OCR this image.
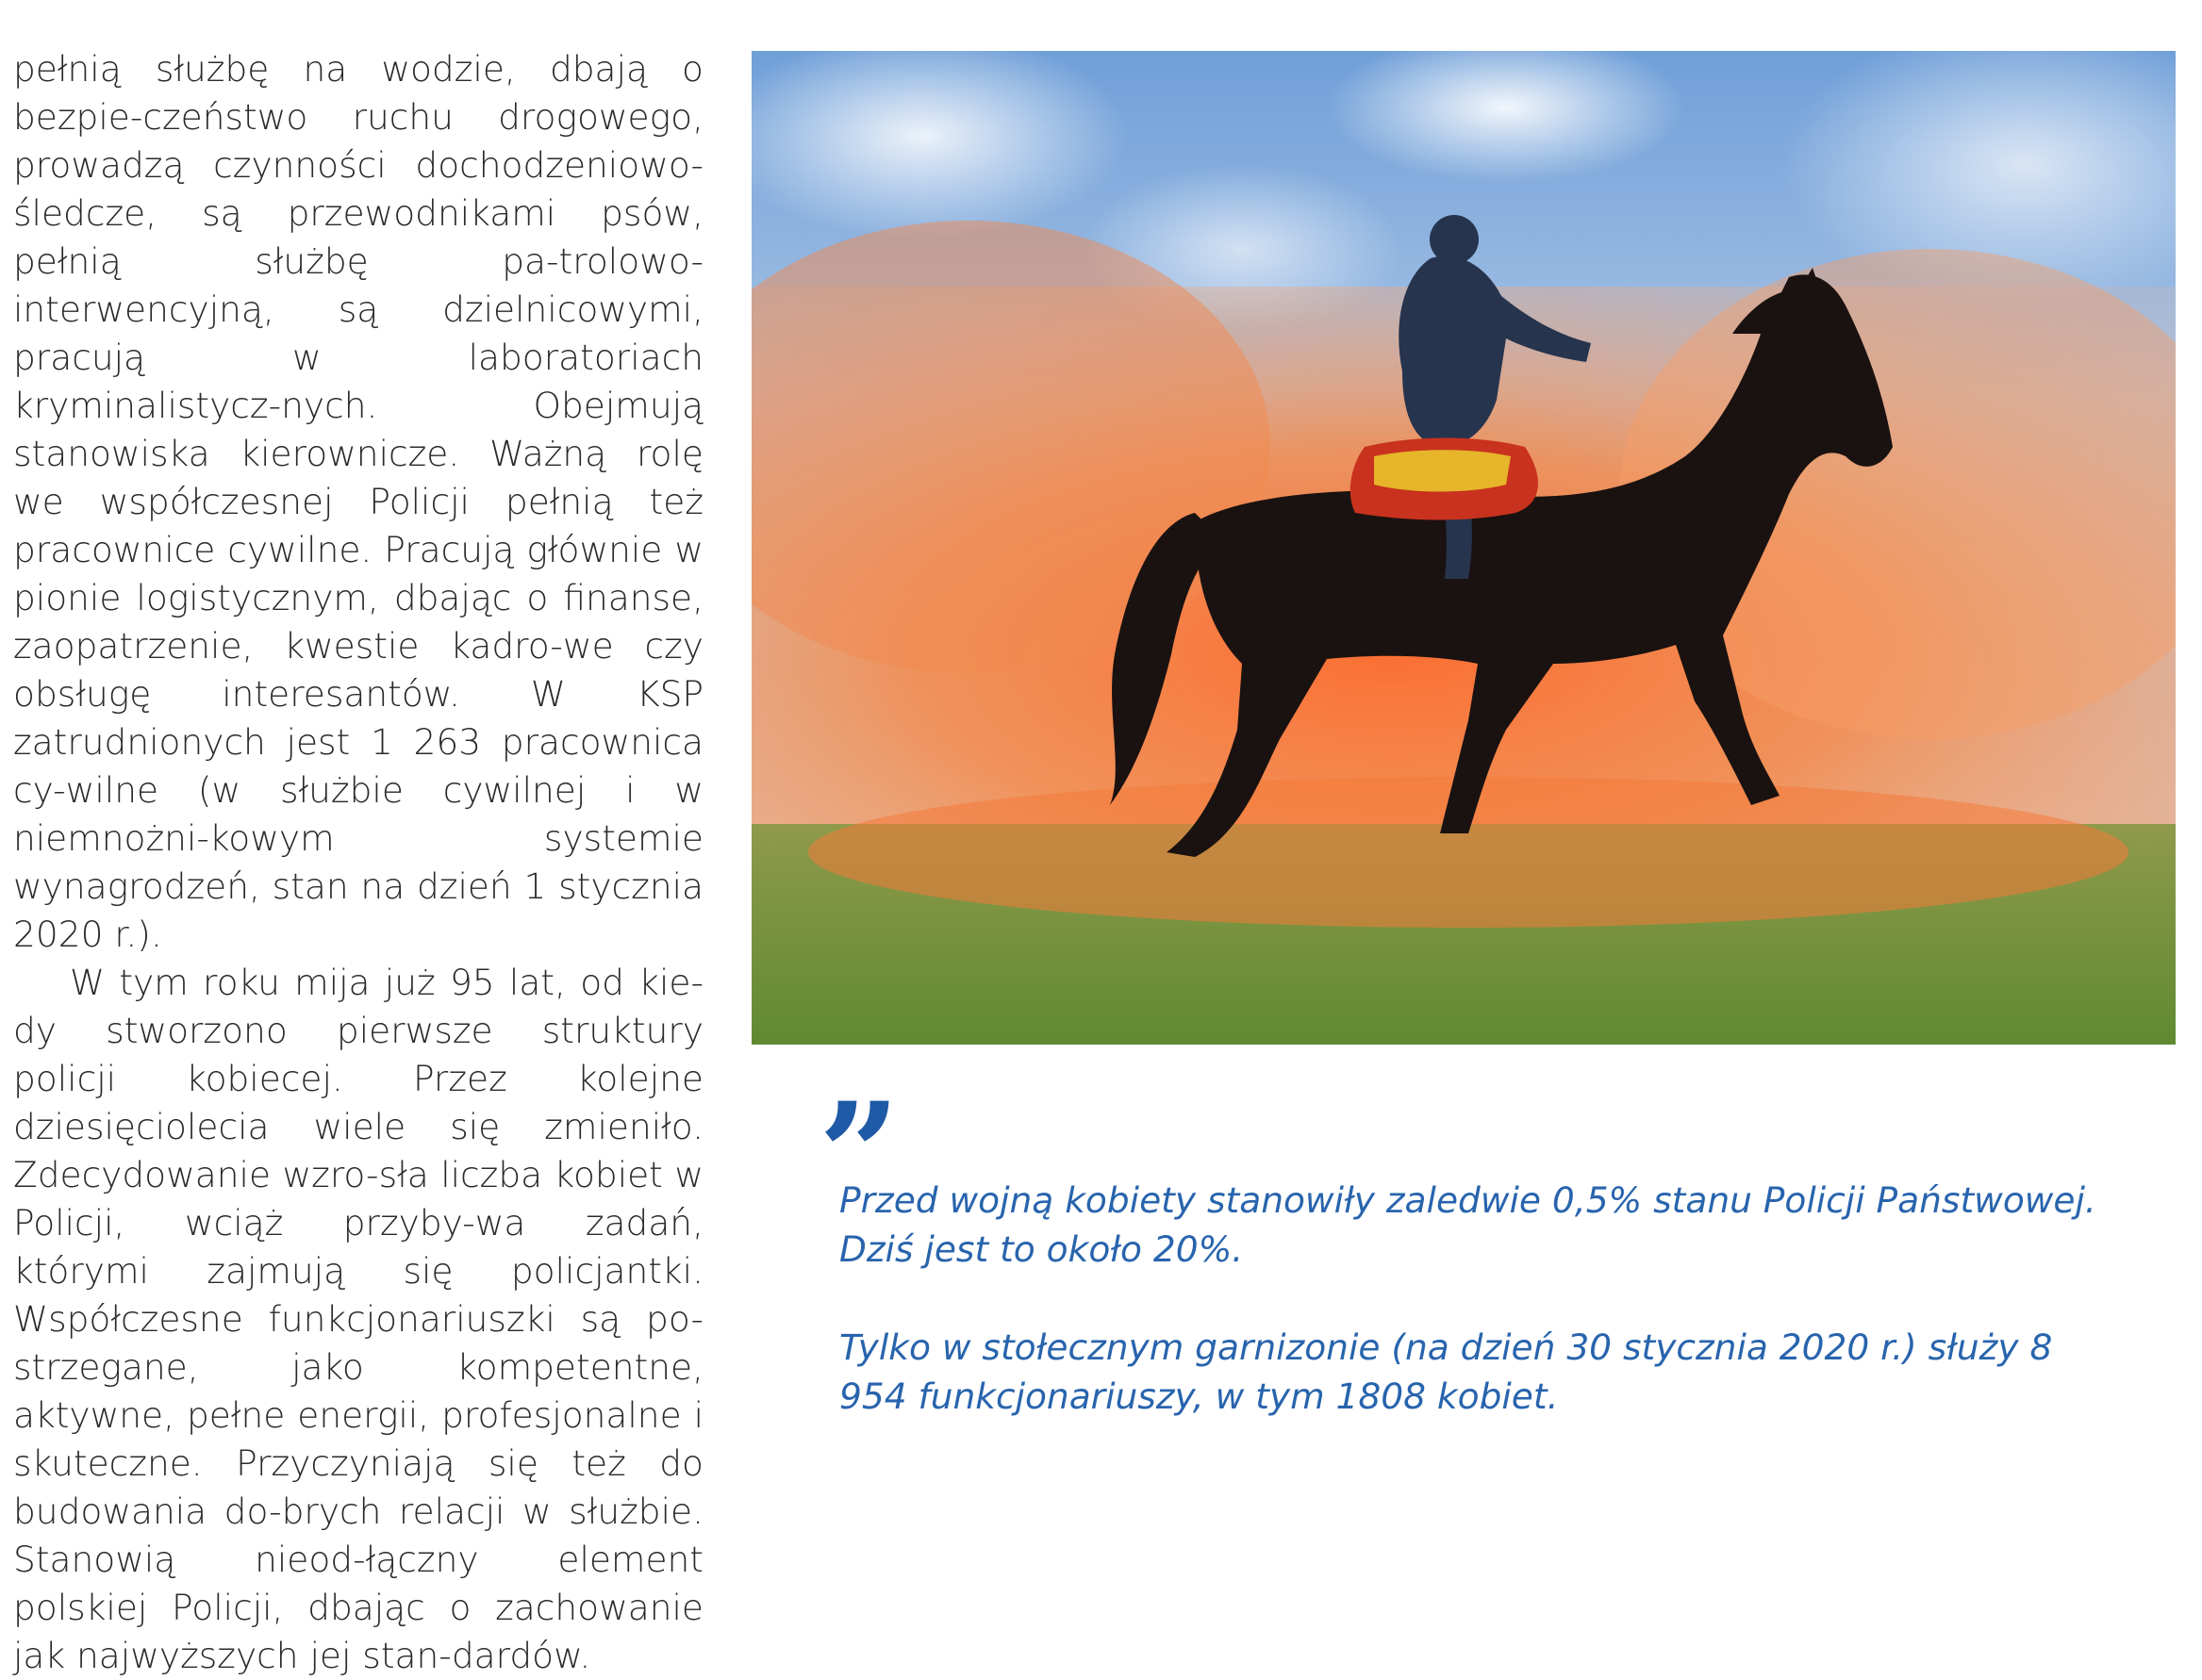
pełnią służbę na wodzie, dbają o bezpie-czeństwo ruchu drogowego, prowadzą czynności dochodzeniowo-śledcze, są przewodnikami psów, pełnią służbę pa-trolowo-interwencyjną, są dzielnicowymi, pracują w laboratoriach kryminalistycz-nych. Obejmują stanowiska kierownicze. Ważną rolę we współczesnej Policji pełnią też pracownice cywilne. Pracują głównie w pionie logistycznym, dbając o finanse, zaopatrzenie, kwestie kadro-we czy obsługę interesantów. W KSP zatrudnionych jest 1 263 pracownica cy-wilne (w służbie cywilnej i w niemnożni-kowym systemie wynagrodzeń, stan na dzień 1 stycznia 2020 r.).

W tym roku mija już 95 lat, od kie-dy stworzono pierwsze struktury policji kobiecej. Przez kolejne dziesięciolecia wiele się zmieniło. Zdecydowanie wzro-sła liczba kobiet w Policji, wciąż przyby-wa zadań, którymi zajmują się policjantki. Współczesne funkcjonariuszki są po-strzegane, jako kompetentne, aktywne, pełne energii, profesjonalne i skuteczne. Przyczyniają się też do budowania do-brych relacji w służbie. Stanowią nieod-łączny element polskiej Policji, dbając o zachowanie jak najwyższych jej stan-dardów.

”

Przed wojną kobiety stanowiły zaledwie 0,5% stanu Policji Państwowej. Dziś jest to około 20%.

Tylko w stołecznym garnizonie (na dzień 30 stycznia 2020 r.) służy 8 954 funkcjonariuszy, w tym 1808 kobiet.
